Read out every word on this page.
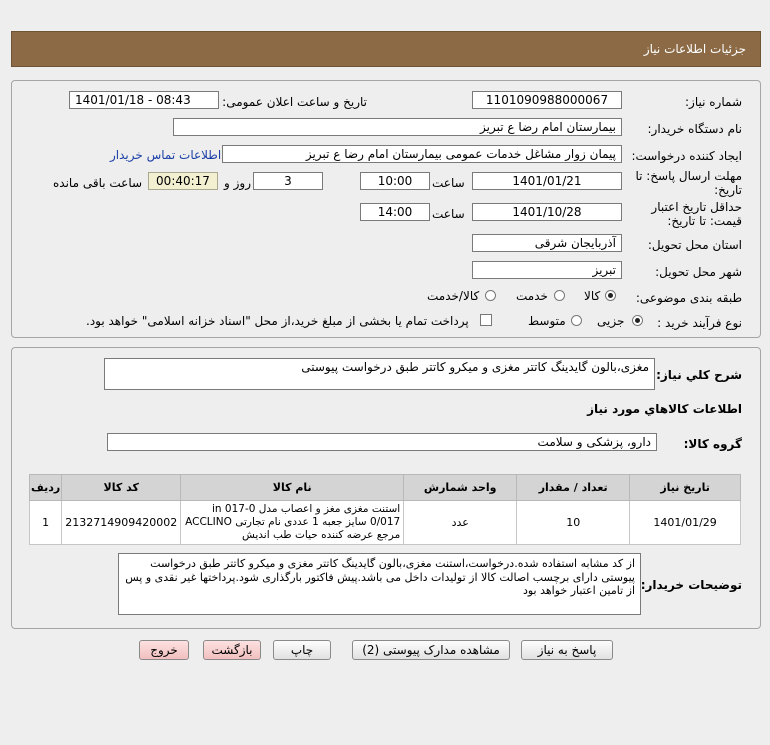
جزئیات اطلاعات نیاز
شماره نیاز:
1101090988000067
تاریخ و ساعت اعلان عمومی:
1401/01/18 - 08:43
نام دستگاه خریدار:
بیمارستان امام رضا ع تبریز
ایجاد کننده درخواست:
پیمان زوار مشاغل خدمات عمومی بیمارستان امام رضا ع تبریز
اطلاعات تماس خریدار
مهلت ارسال پاسخ: تا
تاریخ:
1401/01/21
ساعت
10:00
3
روز و
00:40:17
ساعت باقی مانده
حداقل تاریخ اعتبار
قیمت: تا تاریخ:
1401/10/28
ساعت
14:00
استان محل تحویل:
آذربایجان شرقی
شهر محل تحویل:
تبریز
طبقه بندی موضوعی:
کالا
خدمت
کالا/خدمت
نوع فرآیند خرید :
جزیی
متوسط
پرداخت تمام یا بخشی از مبلغ خرید،از محل "اسناد خزانه اسلامی" خواهد بود.
شرح کلي نياز:
مغزی،بالون گایدینگ کاتتر مغزی و میکرو کاتتر طبق درخواست پیوستی
اطلاعات کالاهاي مورد نياز
گروه کالا:
دارو، پزشکی و سلامت
ردیف	کد کالا	نام کالا	واحد شمارش	تعداد / مقدار	تاریخ نیاز
1	2132714909420002	استنت مغزی مغز و اعصاب مدل 0-017 in 0/017 سایز جعبه 1 عددی نام تجارتی ACCLINO مرجع عرضه کننده حیات طب اندیش	عدد	10	1401/01/29
توضیحات خریدار:
از کد مشابه استفاده شده.درخواست،استنت مغزی،بالون گایدینگ کاتتر مغزی و میکرو کاتتر طبق درخواست پیوستی دارای برچسب اصالت کالا از تولیدات داخل می باشد.پیش فاکتور بارگذاری شود.پرداختها غیر نقدی و پس از تامین اعتبار خواهد بود
پاسخ به نیاز
مشاهده مدارک پیوستی (2)
چاپ
بازگشت
خروج
